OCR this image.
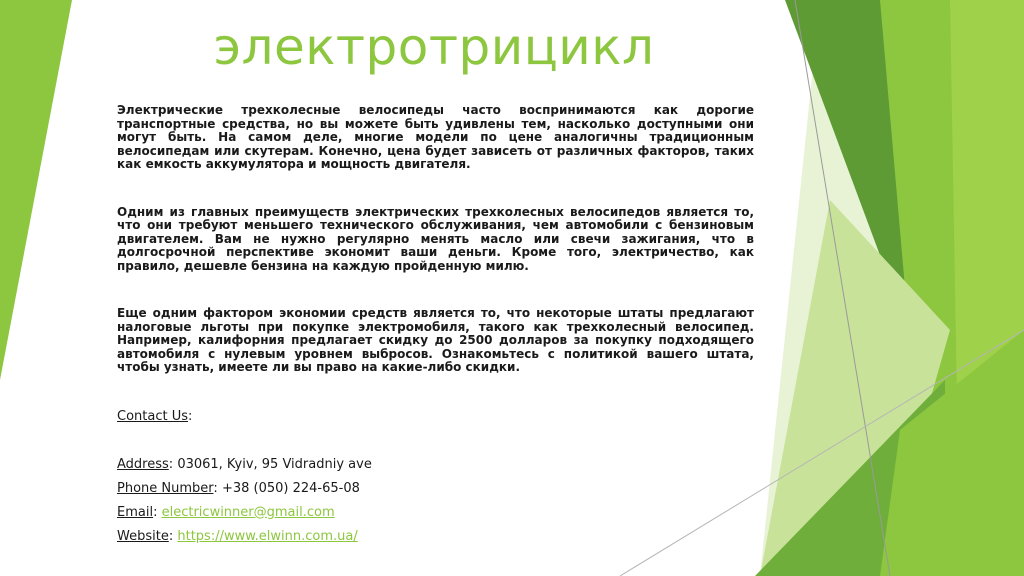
электротрицикл

Электрические трехколесные велосипеды часто воспринимаются как дорогие транспортные средства, но вы можете быть удивлены тем, насколько доступными они могут быть. На самом деле, многие модели по цене аналогичны традиционным велосипедам или скутерам. Конечно, цена будет зависеть от различных факторов, таких как емкость аккумулятора и мощность двигателя.

Одним из главных преимуществ электрических трехколесных велосипедов является то, что они требуют меньшего технического обслуживания, чем автомобили с бензиновым двигателем. Вам не нужно регулярно менять масло или свечи зажигания, что в долгосрочной перспективе экономит ваши деньги. Кроме того, электричество, как правило, дешевле бензина на каждую пройденную милю.

Еще одним фактором экономии средств является то, что некоторые штаты предлагают налоговые льготы при покупке электромобиля, такого как трехколесный велосипед. Например, калифорния предлагает скидку до 2500 долларов за покупку подходящего автомобиля с нулевым уровнем выбросов. Ознакомьтесь с политикой вашего штата, чтобы узнать, имеете ли вы право на какие-либо скидки.

Contact Us:
Address: 03061, Kyiv, 95 Vidradniy ave
Phone Number: +38 (050) 224-65-08
Email: electricwinner@gmail.com
Website: https://www.elwinn.com.ua/
